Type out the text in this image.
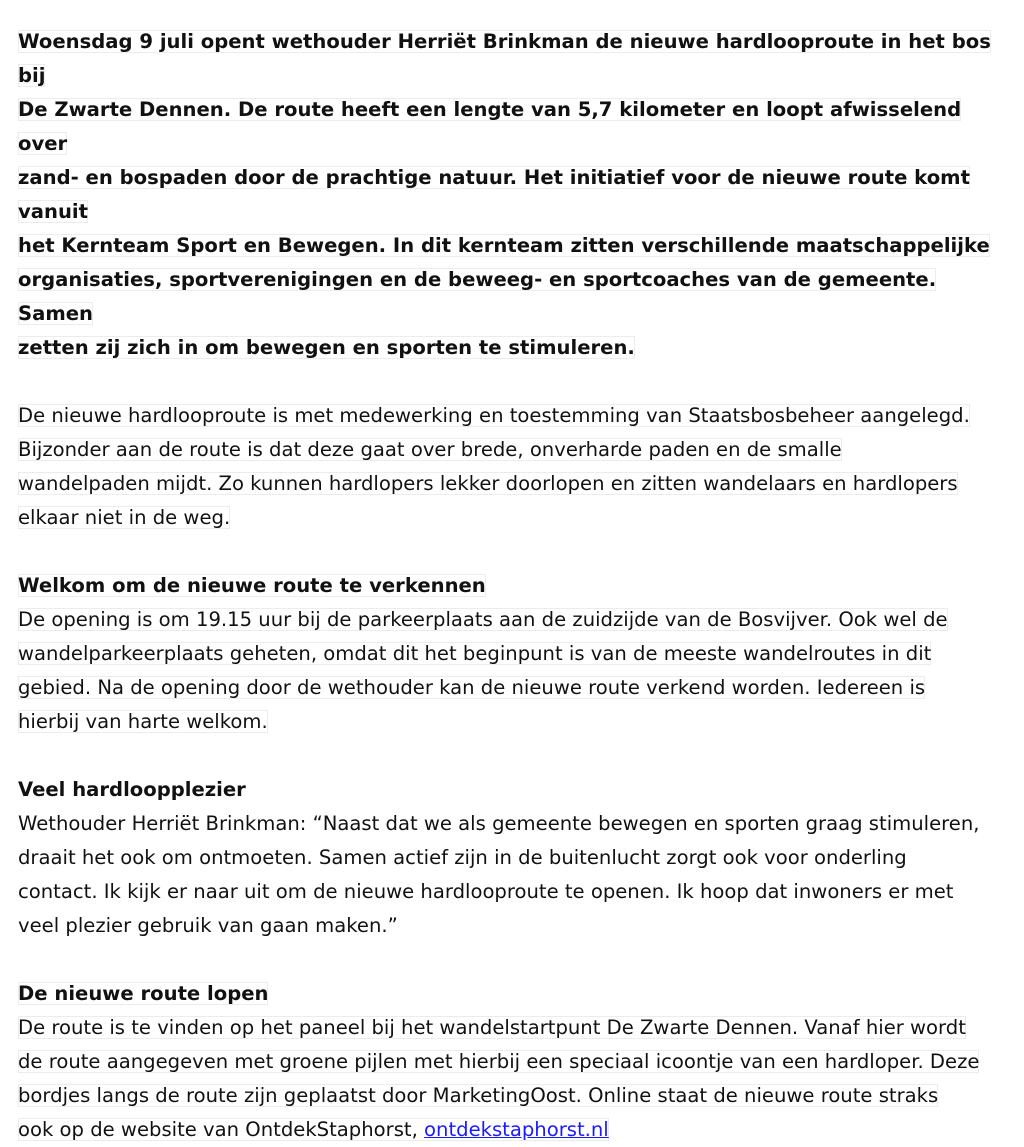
Woensdag 9 juli opent wethouder Herriët Brinkman de nieuwe hardlooproute in het bos bij
De Zwarte Dennen. De route heeft een lengte van 5,7 kilometer en loopt afwisselend over
zand- en bospaden door de prachtige natuur. Het initiatief voor de nieuwe route komt vanuit
het Kernteam Sport en Bewegen. In dit kernteam zitten verschillende maatschappelijke
organisaties, sportverenigingen en de beweeg- en sportcoaches van de gemeente. Samen
zetten zij zich in om bewegen en sporten te stimuleren.

De nieuwe hardlooproute is met medewerking en toestemming van Staatsbosbeheer aangelegd.
Bijzonder aan de route is dat deze gaat over brede, onverharde paden en de smalle
wandelpaden mijdt. Zo kunnen hardlopers lekker doorlopen en zitten wandelaars en hardlopers
elkaar niet in de weg.

Welkom om de nieuwe route te verkennen
De opening is om 19.15 uur bij de parkeerplaats aan de zuidzijde van de Bosvijver. Ook wel de
wandelparkeerplaats geheten, omdat dit het beginpunt is van de meeste wandelroutes in dit
gebied. Na de opening door de wethouder kan de nieuwe route verkend worden. Iedereen is
hierbij van harte welkom.

Veel hardloopplezier
Wethouder Herriët Brinkman: “Naast dat we als gemeente bewegen en sporten graag stimuleren,
draait het ook om ontmoeten. Samen actief zijn in de buitenlucht zorgt ook voor onderling
contact. Ik kijk er naar uit om de nieuwe hardlooproute te openen. Ik hoop dat inwoners er met
veel plezier gebruik van gaan maken.”

De nieuwe route lopen
De route is te vinden op het paneel bij het wandelstartpunt De Zwarte Dennen. Vanaf hier wordt
de route aangegeven met groene pijlen met hierbij een speciaal icoontje van een hardloper. Deze
bordjes langs de route zijn geplaatst door MarketingOost. Online staat de nieuwe route straks
ook op de website van OntdekStaphorst, ontdekstaphorst.nl
